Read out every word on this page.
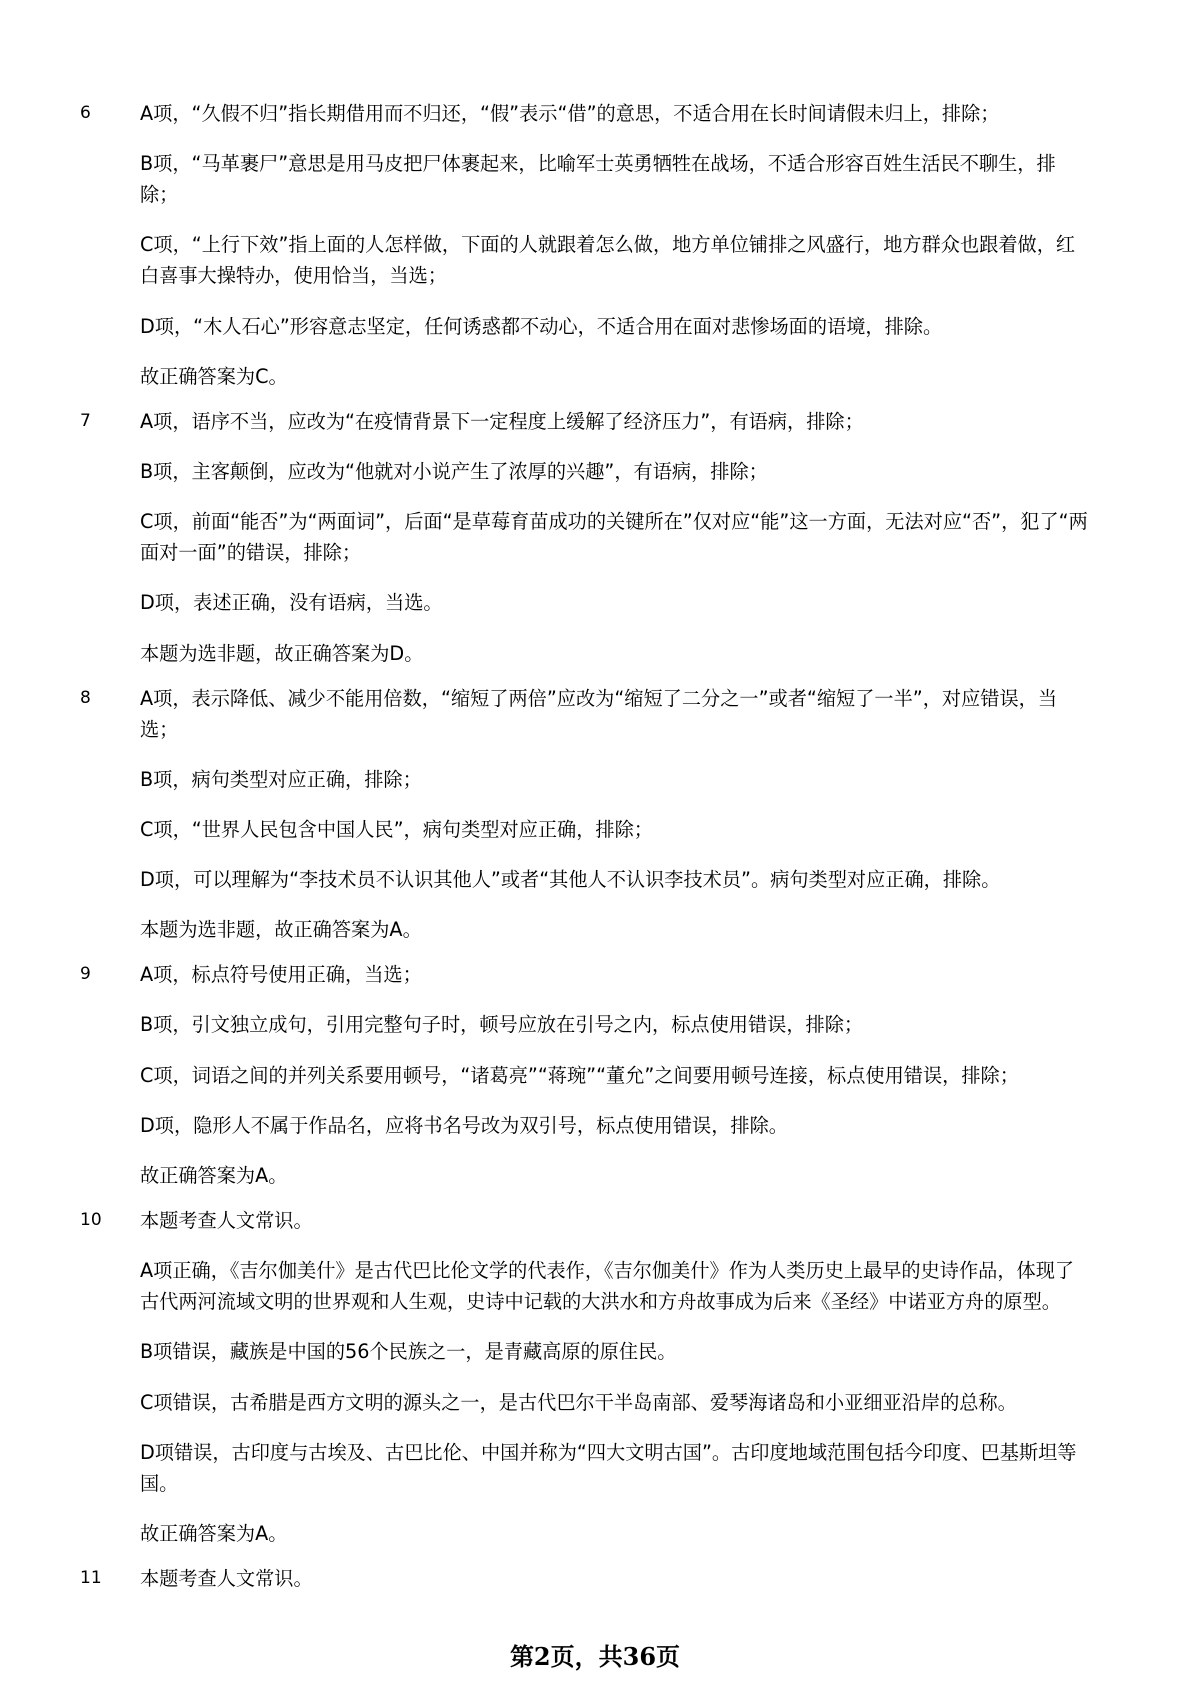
6	A项，“久假不归”指长期借用而不归还，“假”表示“借”的意思，不适合用在长时间请假未归上，排除；

B项，“马革裹尸”意思是用马皮把尸体裹起来，比喻军士英勇牺牲在战场，不适合形容百姓生活民不聊生，排除；

C项，“上行下效”指上面的人怎样做，下面的人就跟着怎么做，地方单位铺排之风盛行，地方群众也跟着做，红白喜事大操特办，使用恰当，当选；

D项，“木人石心”形容意志坚定，任何诱惑都不动心，不适合用在面对悲惨场面的语境，排除。

故正确答案为C。

7	A项，语序不当，应改为“在疫情背景下一定程度上缓解了经济压力”，有语病，排除；

B项，主客颠倒，应改为“他就对小说产生了浓厚的兴趣”，有语病，排除；

C项，前面“能否”为“两面词”，后面“是草莓育苗成功的关键所在”仅对应“能”这一方面，无法对应“否”，犯了“两面对一面”的错误，排除；

D项，表述正确，没有语病，当选。

本题为选非题，故正确答案为D。

8	A项，表示降低、减少不能用倍数，“缩短了两倍”应改为“缩短了二分之一”或者“缩短了一半”，对应错误，当选；

B项，病句类型对应正确，排除；

C项，“世界人民包含中国人民”，病句类型对应正确，排除；

D项，可以理解为“李技术员不认识其他人”或者“其他人不认识李技术员”。病句类型对应正确，排除。

本题为选非题，故正确答案为A。

9	A项，标点符号使用正确，当选；

B项，引文独立成句，引用完整句子时，顿号应放在引号之内，标点使用错误，排除；

C项，词语之间的并列关系要用顿号，“诸葛亮”“蒋琬”“董允”之间要用顿号连接，标点使用错误，排除；

D项，隐形人不属于作品名，应将书名号改为双引号，标点使用错误，排除。

故正确答案为A。

10 本题考查人文常识。

A项正确，《吉尔伽美什》是古代巴比伦文学的代表作，《吉尔伽美什》作为人类历史上最早的史诗作品，体现了古代两河流域文明的世界观和人生观，史诗中记载的大洪水和方舟故事成为后来《圣经》中诺亚方舟的原型。

B项错误，藏族是中国的56个民族之一，是青藏高原的原住民。

C项错误，古希腊是西方文明的源头之一，是古代巴尔干半岛南部、爱琴海诸岛和小亚细亚沿岸的总称。

D项错误，古印度与古埃及、古巴比伦、中国并称为“四大文明古国”。古印度地域范围包括今印度、巴基斯坦等国。

故正确答案为A。

11 本题考查人文常识。

第2页，共36页
